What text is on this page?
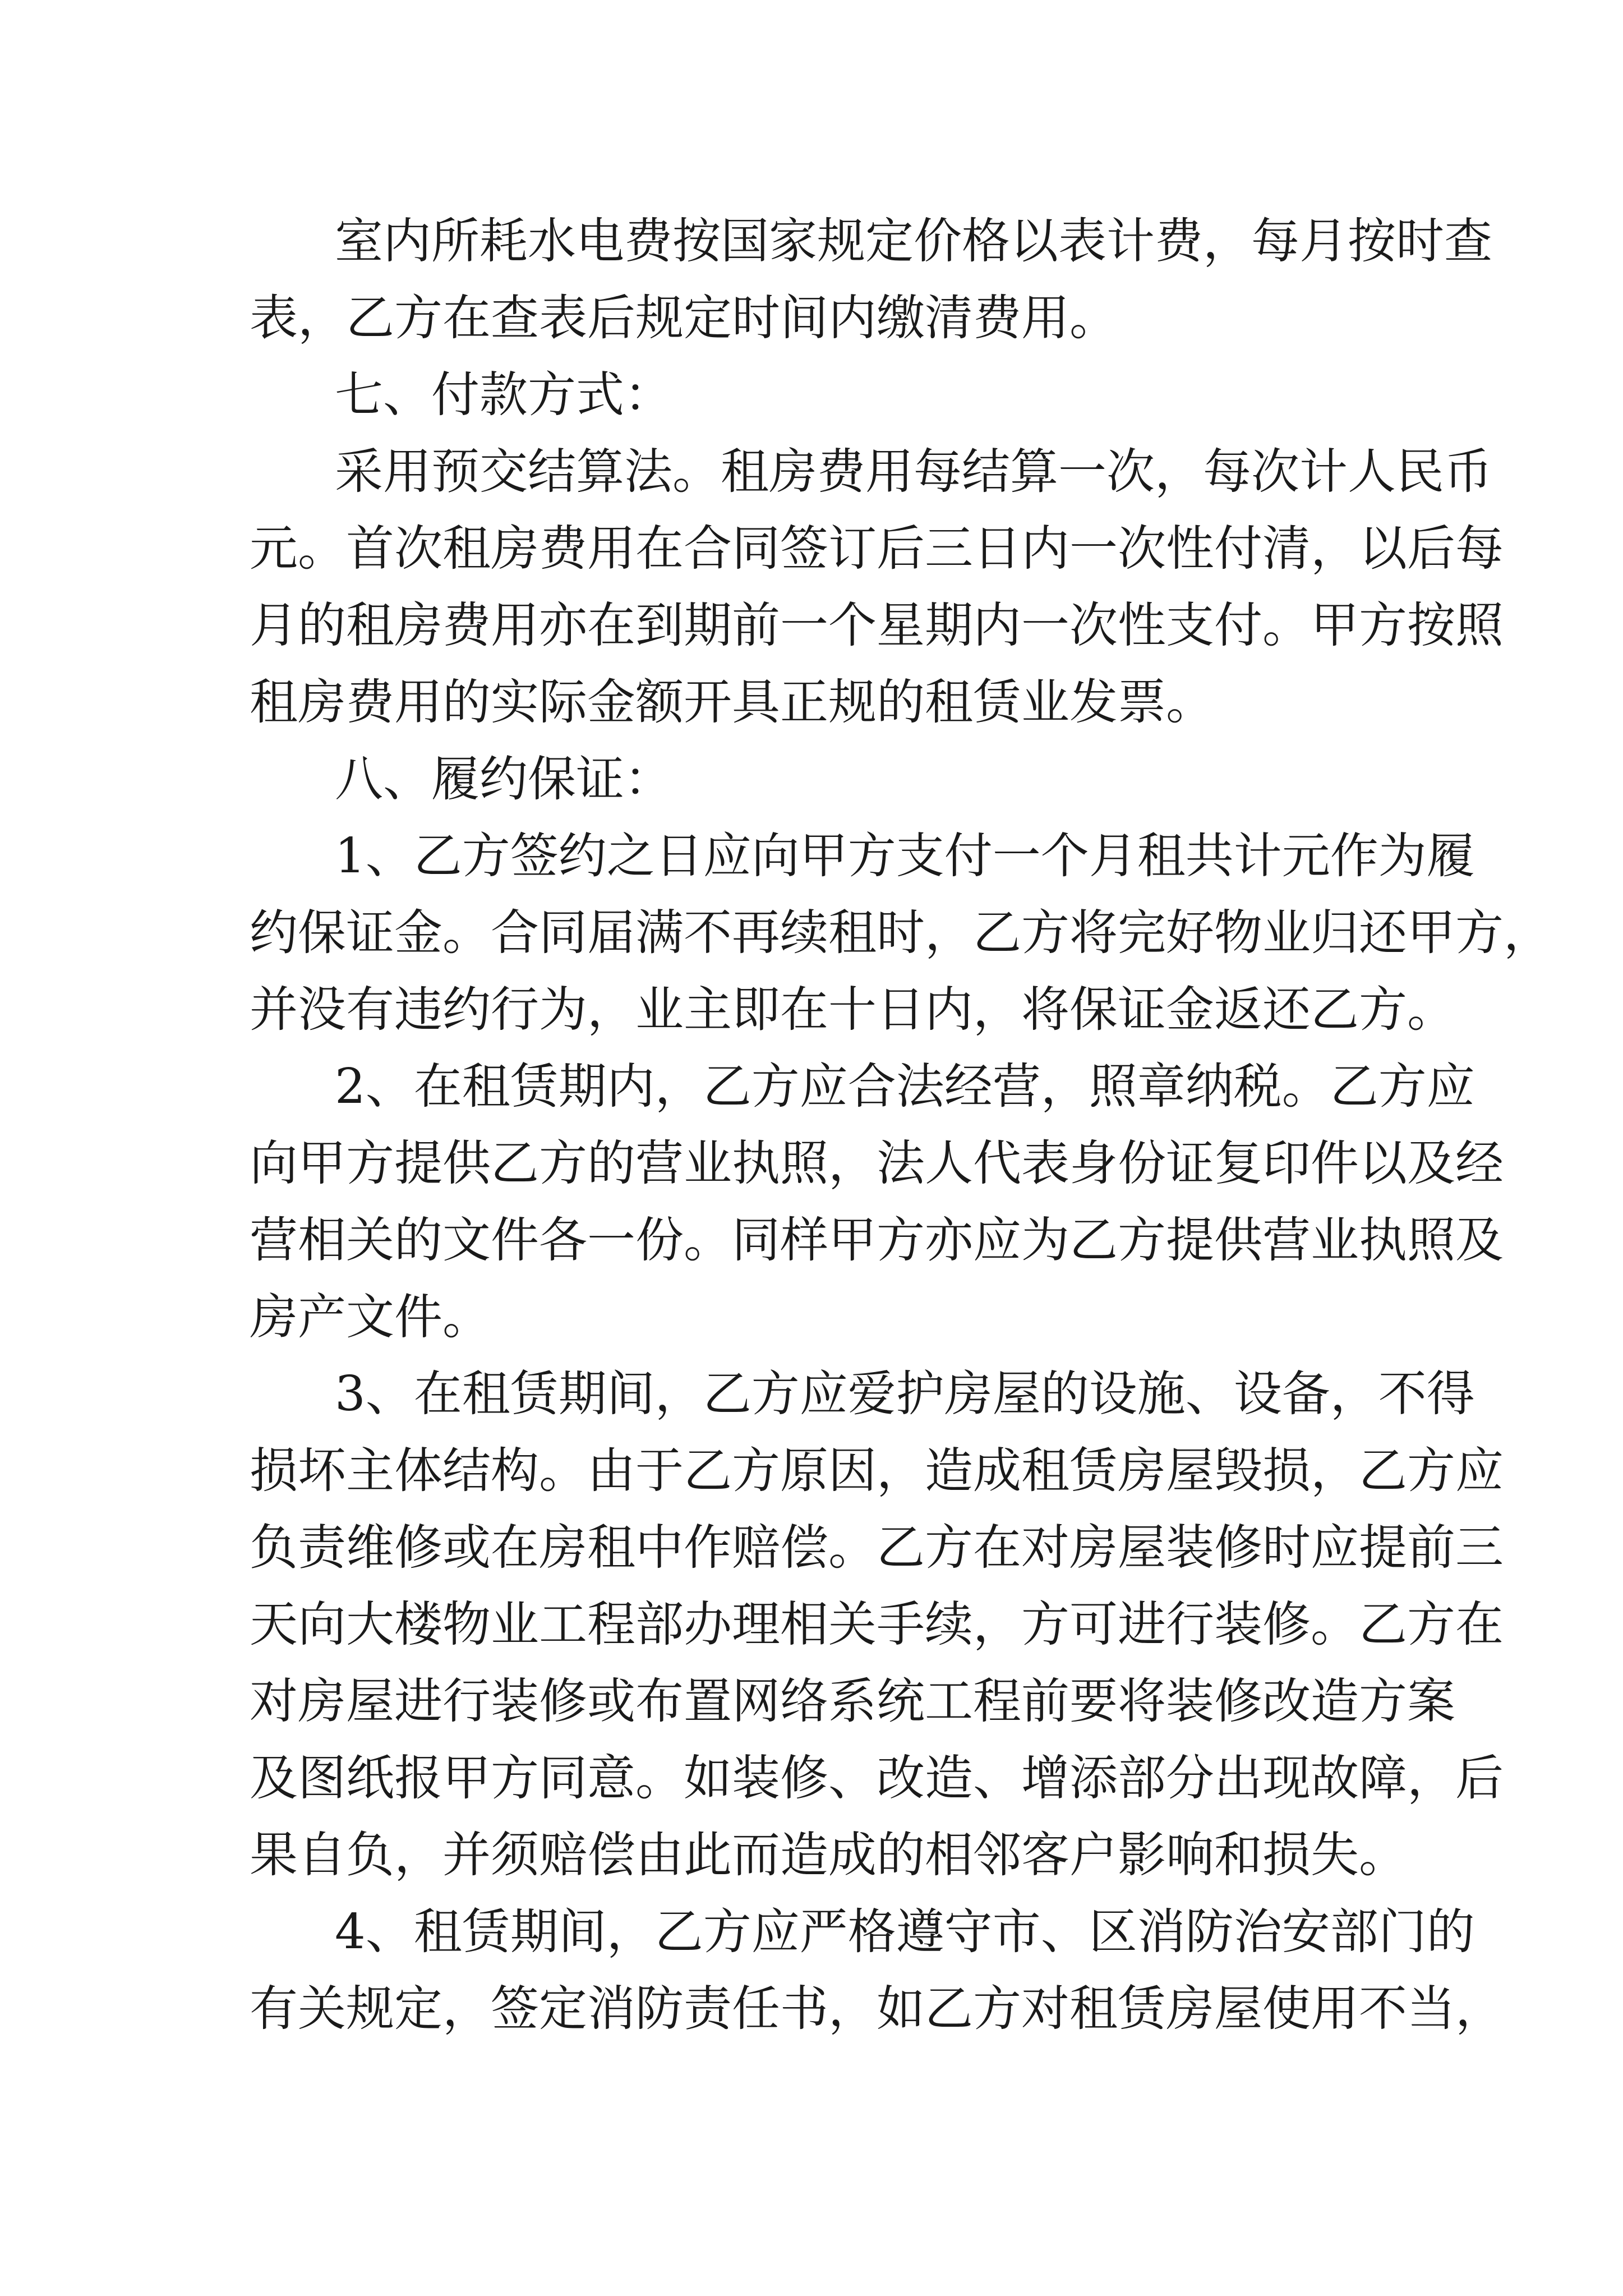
室内所耗水电费按国家规定价格以表计费，每月按时查
表，乙方在查表后规定时间内缴清费用。
七、付款方式：
采用预交结算法。租房费用每结算一次，每次计人民币
元。首次租房费用在合同签订后三日内一次性付清，以后每
月的租房费用亦在到期前一个星期内一次性支付。甲方按照
租房费用的实际金额开具正规的租赁业发票。
八、履约保证：
1、乙方签约之日应向甲方支付一个月租共计元作为履
约保证金。合同届满不再续租时，乙方将完好物业归还甲方，
并没有违约行为，业主即在十日内，将保证金返还乙方。
2、在租赁期内，乙方应合法经营，照章纳税。乙方应
向甲方提供乙方的营业执照，法人代表身份证复印件以及经
营相关的文件各一份。同样甲方亦应为乙方提供营业执照及
房产文件。
3、在租赁期间，乙方应爱护房屋的设施、设备，不得
损坏主体结构。由于乙方原因，造成租赁房屋毁损，乙方应
负责维修或在房租中作赔偿。乙方在对房屋装修时应提前三
天向大楼物业工程部办理相关手续，方可进行装修。乙方在
对房屋进行装修或布置网络系统工程前要将装修改造方案
及图纸报甲方同意。如装修、改造、增添部分出现故障，后
果自负，并须赔偿由此而造成的相邻客户影响和损失。
4、租赁期间，乙方应严格遵守市、区消防治安部门的
有关规定，签定消防责任书，如乙方对租赁房屋使用不当，
